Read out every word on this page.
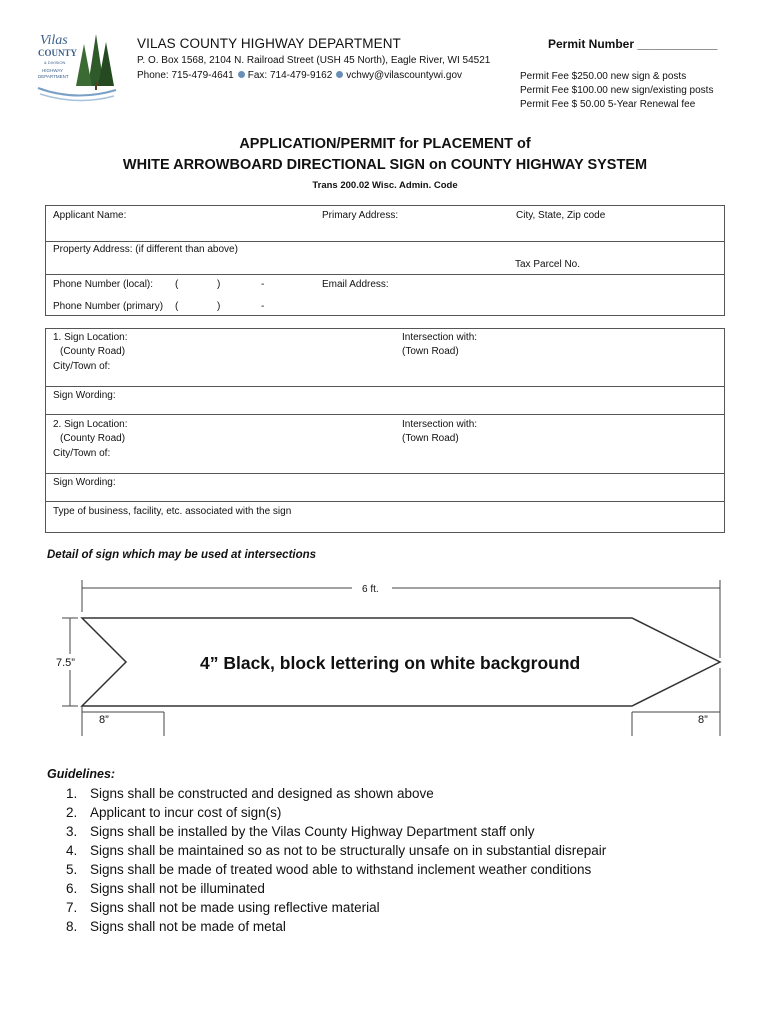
Vilas
COUNTY
& DIVISION
HIGHWAY
DEPARTMENT
VILAS COUNTY HIGHWAY DEPARTMENT
P. O. Box 1568, 2104 N. Railroad Street (USH 45 North), Eagle River, WI 54521
Phone: 715-479-4641 Fax: 714-479-9162 vchwy@vilascountywi.gov
Permit Number ____________
Permit Fee $250.00 new sign & posts
Permit Fee $100.00 new sign/existing posts
Permit Fee $ 50.00 5-Year Renewal fee
APPLICATION/PERMIT for PLACEMENT of
WHITE ARROWBOARD DIRECTIONAL SIGN on COUNTY HIGHWAY SYSTEM
Trans 200.02 Wisc. Admin. Code
Applicant Name:	Primary Address:	City, State, Zip code
Property Address: (if different than above)
Tax Parcel No.
Phone Number (local): (	)	-	Email Address:
Phone Number (primary) (	)	-
1. Sign Location:
(County Road)
Intersection with:
(Town Road)
City/Town of:
Sign Wording:
2. Sign Location:
(County Road)
Intersection with:
(Town Road)
City/Town of:
Sign Wording:
Type of business, facility, etc. associated with the sign
Detail of sign which may be used at intersections
6 ft.
7.5”
8”	8”
4” Black, block lettering on white background
Guidelines:
1. Signs shall be constructed and designed as shown above
2. Applicant to incur cost of sign(s)
3. Signs shall be installed by the Vilas County Highway Department staff only
4. Signs shall be maintained so as not to be structurally unsafe on in substantial disrepair
5. Signs shall be made of treated wood able to withstand inclement weather conditions
6. Signs shall not be illuminated
7. Signs shall not be made using reflective material
8. Signs shall not be made of metal
